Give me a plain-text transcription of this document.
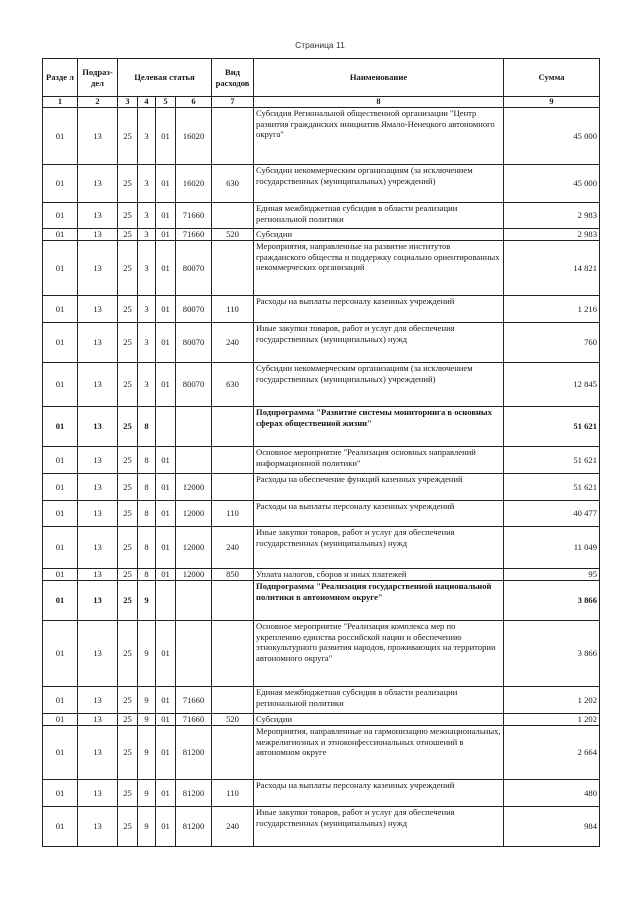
Страница 11
Разде л	Подраз- дел	Целевая статья				Вид расходов	Наименование	Сумма
1	2	3	4	5	6	7	8	9
01	13	25	3	01	16020		Субсидия Региональной общественной организации "Центр развития гражданских инициатив Ямало-Ненецкого автономного округа"	45 000
01	13	25	3	01	16020	630	Субсидии некоммерческим организациям (за исключением государственных (муниципальных) учреждений)	45 000
01	13	25	3	01	71660		Единая межбюджетная субсидия в области реализации региональной политики	2 983
01	13	25	3	01	71660	520	Субсидии	2 983
01	13	25	3	01	80070		Мероприятия, направленные на развитие институтов гражданского общества и поддержку социально ориентированных некоммерческих организаций	14 821
01	13	25	3	01	80070	110	Расходы на выплаты персоналу казенных учреждений	1 216
01	13	25	3	01	80070	240	Иные закупки товаров, работ и услуг для обеспечения государственных (муниципальных) нужд	760
01	13	25	3	01	80070	630	Субсидии некоммерческим организациям (за исключением государственных (муниципальных) учреждений)	12 845
01	13	25	8				Подпрограмма "Развитие системы мониторинга в основных сферах общественной жизни"	51 621
01	13	25	8	01			Основное мероприятие "Реализация основных направлений информационной политики"	51 621
01	13	25	8	01	12000		Расходы на обеспечение функций казенных учреждений	51 621
01	13	25	8	01	12000	110	Расходы на выплаты персоналу казенных учреждений	40 477
01	13	25	8	01	12000	240	Иные закупки товаров, работ и услуг для обеспечения государственных (муниципальных) нужд	11 049
01	13	25	8	01	12000	850	Уплата налогов, сборов и иных платежей	95
01	13	25	9				Подпрограмма "Реализация государственной национальной политики в автономном округе"	3 866
01	13	25	9	01			Основное мероприятие "Реализация комплекса мер по укреплению единства российской нации и обеспечению этнокультурного развития народов, проживающих на территории автономного округа"	3 866
01	13	25	9	01	71660		Единая межбюджетная субсидия в области реализации региональной политики	1 202
01	13	25	9	01	71660	520	Субсидии	1 202
01	13	25	9	01	81200		Мероприятия, направленные на гармонизацию межнациональных, межрелигиозных и этноконфессиональных отношений в автономном округе	2 664
01	13	25	9	01	81200	110	Расходы на выплаты персоналу казенных учреждений	480
01	13	25	9	01	81200	240	Иные закупки товаров, работ и услуг для обеспечения государственных (муниципальных) нужд	984
